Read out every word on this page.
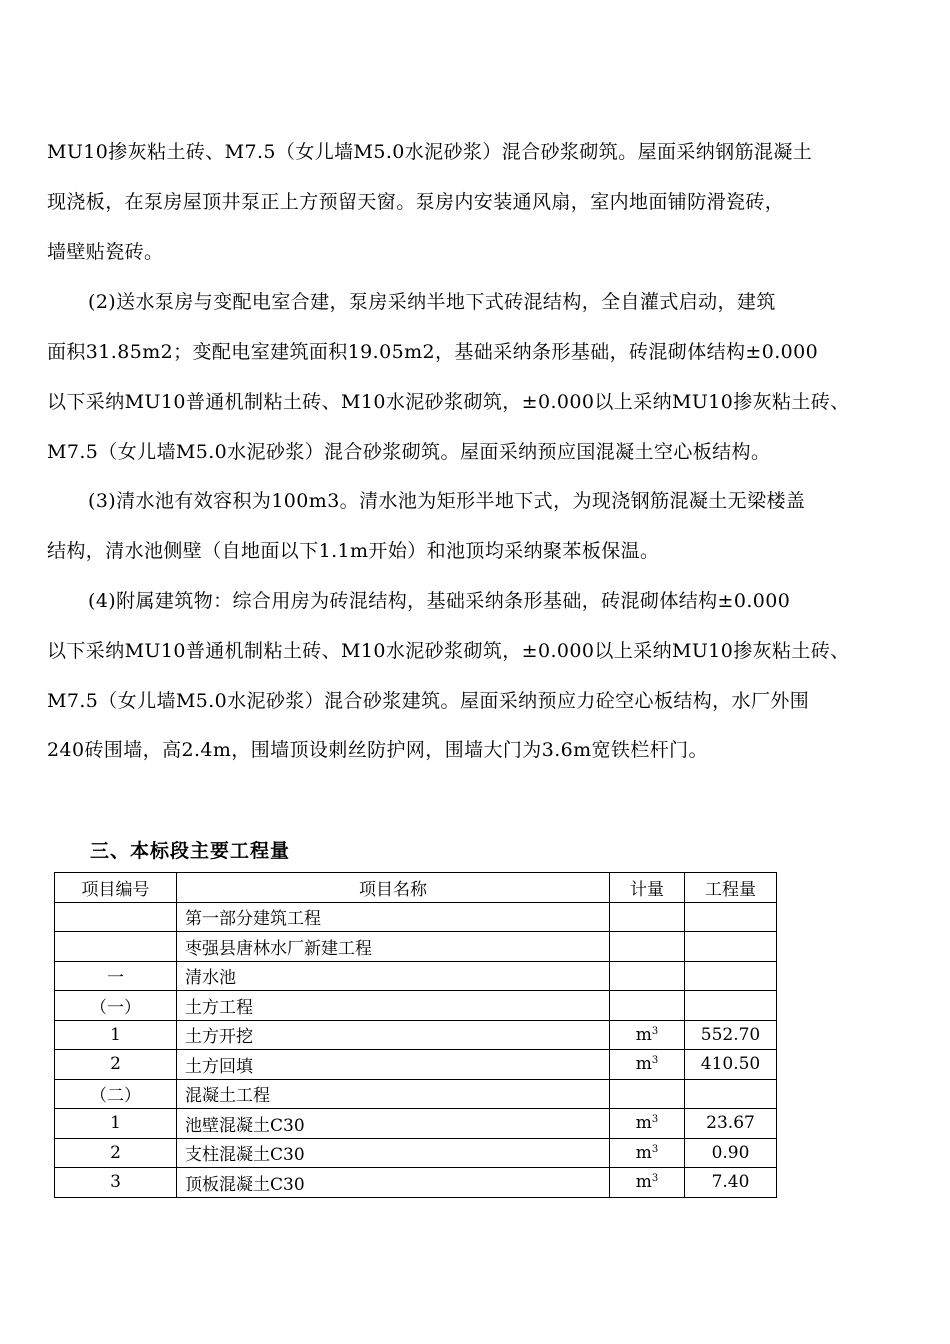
MU10掺灰粘土砖、M7.5（女儿墙M5.0水泥砂浆）混合砂浆砌筑。屋面采纳钢筋混凝土
现浇板，在泵房屋顶井泵正上方预留天窗。泵房内安装通风扇，室内地面铺防滑瓷砖，
墙壁贴瓷砖。
(2)送水泵房与变配电室合建，泵房采纳半地下式砖混结构，全自灌式启动，建筑
面积31.85m2；变配电室建筑面积19.05m2，基础采纳条形基础，砖混砌体结构±0.000
以下采纳MU10普通机制粘土砖、M10水泥砂浆砌筑，±0.000以上采纳MU10掺灰粘土砖、
M7.5（女儿墙M5.0水泥砂浆）混合砂浆砌筑。屋面采纳预应国混凝土空心板结构。
(3)清水池有效容积为100m3。清水池为矩形半地下式，为现浇钢筋混凝土无梁楼盖
结构，清水池侧壁（自地面以下1.1m开始）和池顶均采纳聚苯板保温。
(4)附属建筑物：综合用房为砖混结构，基础采纳条形基础，砖混砌体结构±0.000
以下采纳MU10普通机制粘土砖、M10水泥砂浆砌筑，±0.000以上采纳MU10掺灰粘土砖、
M7.5（女儿墙M5.0水泥砂浆）混合砂浆建筑。屋面采纳预应力砼空心板结构，水厂外围
240砖围墙，高2.4m，围墙顶设刺丝防护网，围墙大门为3.6m宽铁栏杆门。
三、本标段主要工程量
项目编号	项目名称	计量	工程量
	第一部分建筑工程		
	枣强县唐林水厂新建工程		
一	清水池		
（一）	土方工程		
1	土方开挖	$m^3$	552.70
2	土方回填	$m^3$	410.50
（二）	混凝土工程		
1	池壁混凝土C30	$m^3$	23.67
2	支柱混凝土C30	$m^3$	0.90
3	顶板混凝土C30	$m^3$	7.40
